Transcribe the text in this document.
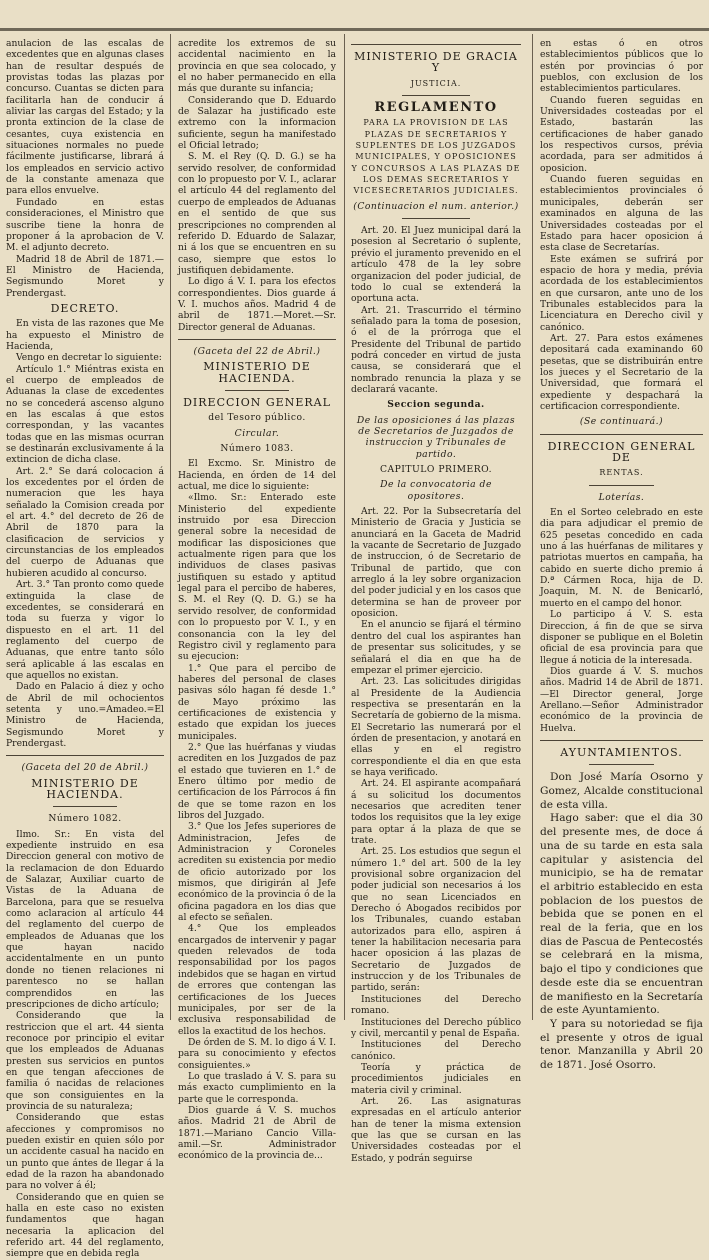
anulacion de las escalas de excedentes que en algunas clases han de resultar después de provistas todas las plazas por concurso. Cuantas se dicten para facilitarla han de conducir á aliviar las cargas del Estado; y la pronta extincion de la clase de cesantes, cuya existencia en situaciones normales no puede fácilmente justificarse, librará á los empleados en servicio activo de la constante amenaza que para ellos envuelve.

Fundado en estas consideraciones, el Ministro que suscribe tiene la honra de proponer á la aprobacion de V. M. el adjunto decreto.

Madrid 18 de Abril de 1871.—El Ministro de Hacienda, Segismundo Moret y Prendergast.

DECRETO.

En vista de las razones que Me ha expuesto el Ministro de Hacienda,

Vengo en decretar lo siguiente:

Artículo 1.° Miéntras exista en el cuerpo de empleados de Aduanas la clase de excedentes no se concederá ascenso alguno en las escalas á que estos correspondan, y las vacantes todas que en las mismas ocurran se destinarán exclusivamente á la extincion de dicha clase.

Art. 2.° Se dará colocacion á los excedentes por el órden de numeracion que les haya señalado la Comision creada por el art. 4.° del decreto de 26 de Abril de 1870 para la clasificacion de servicios y circunstancias de los empleados del cuerpo de Aduanas que hubieren acudido al concurso.

Art. 3.° Tan pronto como quede extinguida la clase de excedentes, se considerará en toda su fuerza y vigor lo dispuesto en el art. 11 del reglamento del cuerpo de Aduanas, que entre tanto sólo será aplicable á las escalas en que aquellos no existan.

Dado en Palacio á diez y ocho de Abril de mil ochocientos setenta y uno.=Amadeo.=El Ministro de Hacienda, Segismundo Moret y Prendergast.

(Gaceta del 20 de Abril.)
MINISTERIO DE HACIENDA.
Número 1082.

Ilmo. Sr.: En vista del expediente instruido en esa Direccion general con motivo de la reclamacion de don Eduardo de Salazar, Auxiliar cuarto de Vistas de la Aduana de Barcelona, para que se resuelva como aclaracion al artículo 44 del reglamento del cuerpo de empleados de Aduanas que los que hayan nacido accidentalmente en un punto donde no tienen relaciones ni parentesco no se hallan comprendidos en las prescripciones de dicho artículo;

Considerando que la restriccion que el art. 44 sienta reconoce por principio el evitar que los empleados de Aduanas presten sus servicios en puntos en que tengan afecciones de familia ó nacidas de relaciones que son consiguientes en la provincia de su naturaleza;

Considerando que estas afecciones y compromisos no pueden existir en quien sólo por un accidente casual ha nacido en un punto que ántes de llegar á la edad de la razon ha abandonado para no volver á él;

Considerando que en quien se halla en este caso no existen fundamentos que hagan necesaria la aplicacion del referido art. 44 del reglamento, siempre que en debida regla

acredite los extremos de su accidental nacimiento en la provincia en que sea colocado, y el no haber permanecido en ella más que durante su infancia;

Considerando que D. Eduardo de Salazar ha justificado este extremo con la informacion suficiente, segun ha manifestado el Oficial letrado;

S. M. el Rey (Q. D. G.) se ha servido resolver, de conformidad con lo propuesto por V. I., aclarar el artículo 44 del reglamento del cuerpo de empleados de Aduanas en el sentido de que sus prescripciones no comprenden al referido D. Eduardo de Salazar, ni á los que se encuentren en su caso, siempre que estos lo justifiquen debidamente.

Lo digo á V. I. para los efectos correspondientes. Dios guarde á V. I. muchos años. Madrid 4 de abril de 1871.—Moret.—Sr. Director general de Aduanas.

(Gaceta del 22 de Abril.)
MINISTERIO DE HACIENDA.
DIRECCION GENERAL
del Tesoro público.
Circular.
Número 1083.

El Excmo. Sr. Ministro de Hacienda, en órden de 14 del actual, me dice lo siguiente:

«Ilmo. Sr.: Enterado este Ministerio del expediente instruido por esa Direccion general sobre la necesidad de modificar las disposiciones que actualmente rigen para que los individuos de clases pasivas justifiquen su estado y aptitud legal para el percibo de haberes, S. M. el Rey (Q. D. G.) se ha servido resolver, de conformidad con lo propuesto por V. I., y en consonancia con la ley del Registro civil y reglamento para su ejecucion:

1.° Que para el percibo de haberes del personal de clases pasivas sólo hagan fé desde 1.° de Mayo próximo las certificaciones de existencia y estado que expidan los jueces municipales.

2.° Que las huérfanas y viudas acrediten en los Juzgados de paz el estado que tuvieren en 1.° de Enero último por medio de certificacion de los Párrocos á fin de que se tome razon en los libros del Juzgado.

3.° Que los Jefes superiores de Administracion, Jefes de Administracion y Coroneles acrediten su existencia por medio de oficio autorizado por los mismos, que dirigirán al Jefe económico de la provincia ó de la oficina pagadora en los dias que al efecto se señalen.

4.° Que los empleados encargados de intervenir y pagar queden relevados de toda responsabilidad por los pagos indebidos que se hagan en virtud de errores que contengan las certificaciones de los Jueces municipales, por ser de la exclusiva responsabilidad de ellos la exactitud de los hechos.

De órden de S. M. lo digo á V. I. para su conocimiento y efectos consiguientes.»

Lo que traslado á V. S. para su más exacto cumplimiento en la parte que le corresponda.

Dios guarde á V. S. muchos años. Madrid 21 de Abril de 1871.—Mariano Cancio Villa-amil.—Sr. Administrador económico de la provincia de...

MINISTERIO DE GRACIA Y
JUSTICIA.
REGLAMENTO
PARA LA PROVISION DE LAS PLAZAS DE SECRETARIOS Y SUPLENTES DE LOS JUZGADOS MUNICIPALES, Y OPOSICIONES Y CONCURSOS A LAS PLAZAS DE LOS DEMAS SECRETARIOS Y VICESECRETARIOS JUDICIALES.
(Continuacion el num. anterior.)

Art. 20. El Juez municipal dará la posesion al Secretario ó suplente, prévio el juramento prevenido en el artículo 478 de la ley sobre organizacion del poder judicial, de todo lo cual se extenderá la oportuna acta.

Art. 21. Trascurrido el término señalado para la toma de posesion, ó el de la prórroga que el Presidente del Tribunal de partido podrá conceder en virtud de justa causa, se considerará que el nombrado renuncia la plaza y se declarará vacante.

Seccion segunda.
De las oposiciones á las plazas de Secretarios de Juzgados de instruccion y Tribunales de partido.
CAPITULO PRIMERO.
De la convocatoria de opositores.

Art. 22. Por la Subsecretaría del Ministerio de Gracia y Justicia se anunciará en la Gaceta de Madrid la vacante de Secretario de Juzgado de instruccion, ó de Secretario de Tribunal de partido, que con arreglo á la ley sobre organizacion del poder judicial y en los casos que determina se han de proveer por oposicion.

En el anuncio se fijará el término dentro del cual los aspirantes han de presentar sus solicitudes, y se señalará el dia en que ha de empezar el primer ejercicio.

Art. 23. Las solicitudes dirigidas al Presidente de la Audiencia respectiva se presentarán en la Secretaría de gobierno de la misma. El Secretario las numerará por el órden de presentacion, y anotará en ellas y en el registro correspondiente el dia en que esta se haya verificado.

Art. 24. El aspirante acompañará á su solicitud los documentos necesarios que acrediten tener todos los requisitos que la ley exige para optar á la plaza de que se trate.

Art. 25. Los estudios que segun el número 1.° del art. 500 de la ley provisional sobre organizacion del poder judicial son necesarios á los que no sean Licenciados en Derecho ó Abogados recibidos por los Tribunales, cuando estaban autorizados para ello, aspiren á tener la habilitacion necesaria para hacer oposicion á las plazas de Secretario de Juzgados de instruccion y de los Tribunales de partido, serán:

Instituciones del Derecho romano.

Instituciones del Derecho público y civil, mercantil y penal de España.

Instituciones del Derecho canónico.

Teoría y práctica de procedimientos judiciales en materia civil y criminal.

Art. 26. Las asignaturas expresadas en el artículo anterior han de tener la misma extension que las que se cursan en las Universidades costeadas por el Estado, y podrán seguirse

en estas ó en otros establecimientos públicos que lo estén por provincias ó por pueblos, con exclusion de los establecimientos particulares.

Cuando fueren seguidas en Universidades costeadas por el Estado, bastarán las certificaciones de haber ganado los respectivos cursos, prévia acordada, para ser admitidos á oposicion.

Cuando fueren seguidas en establecimientos provinciales ó municipales, deberán ser examinados en alguna de las Universidades costeadas por el Estado para hacer oposicion á esta clase de Secretarías.

Este exámen se sufrirá por espacio de hora y media, prévia acordada de los establecimientos en que cursaron, ante uno de los Tribunales establecidos para la Licenciatura en Derecho civil y canónico.

Art. 27. Para estos exámenes depositará cada examinando 60 pesetas, que se distribuirán entre los jueces y el Secretario de la Universidad, que formará el expediente y despachará la certificacion correspondiente.

(Se continuará.)
DIRECCION GENERAL DE
RENTAS.
Loterías.

En el Sorteo celebrado en este dia para adjudicar el premio de 625 pesetas concedido en cada uno á las huérfanas de militares y patriotas muertos en campaña, ha cabido en suerte dicho premio á D.ª Cármen Roca, hija de D. Joaquin, M. N. de Benicarló, muerto en el campo del honor.

Lo participo á V. S. esta Direccion, á fin de que se sirva disponer se publique en el Boletin oficial de esa provincia para que llegue á noticia de la interesada.

Dios guarde á V. S. muchos años. Madrid 14 de Abril de 1871.—El Director general, Jorge Arellano.—Señor Administrador económico de la provincia de Huelva.

AYUNTAMIENTOS.

Don José María Osorno y Gomez, Alcalde constitucional de esta villa.

Hago saber: que el dia 30 del presente mes, de doce á una de su tarde en esta sala capitular y asistencia del municipio, se ha de rematar el arbitrio establecido en esta poblacion de los puestos de bebida que se ponen en el real de la feria, que en los dias de Pascua de Pentecostés se celebrará en la misma, bajo el tipo y condiciones que desde este dia se encuentran de manifiesto en la Secretaría de este Ayuntamiento.

Y para su notoriedad se fija el presente y otros de igual tenor. Manzanilla y Abril 20 de 1871. José Osorro.
